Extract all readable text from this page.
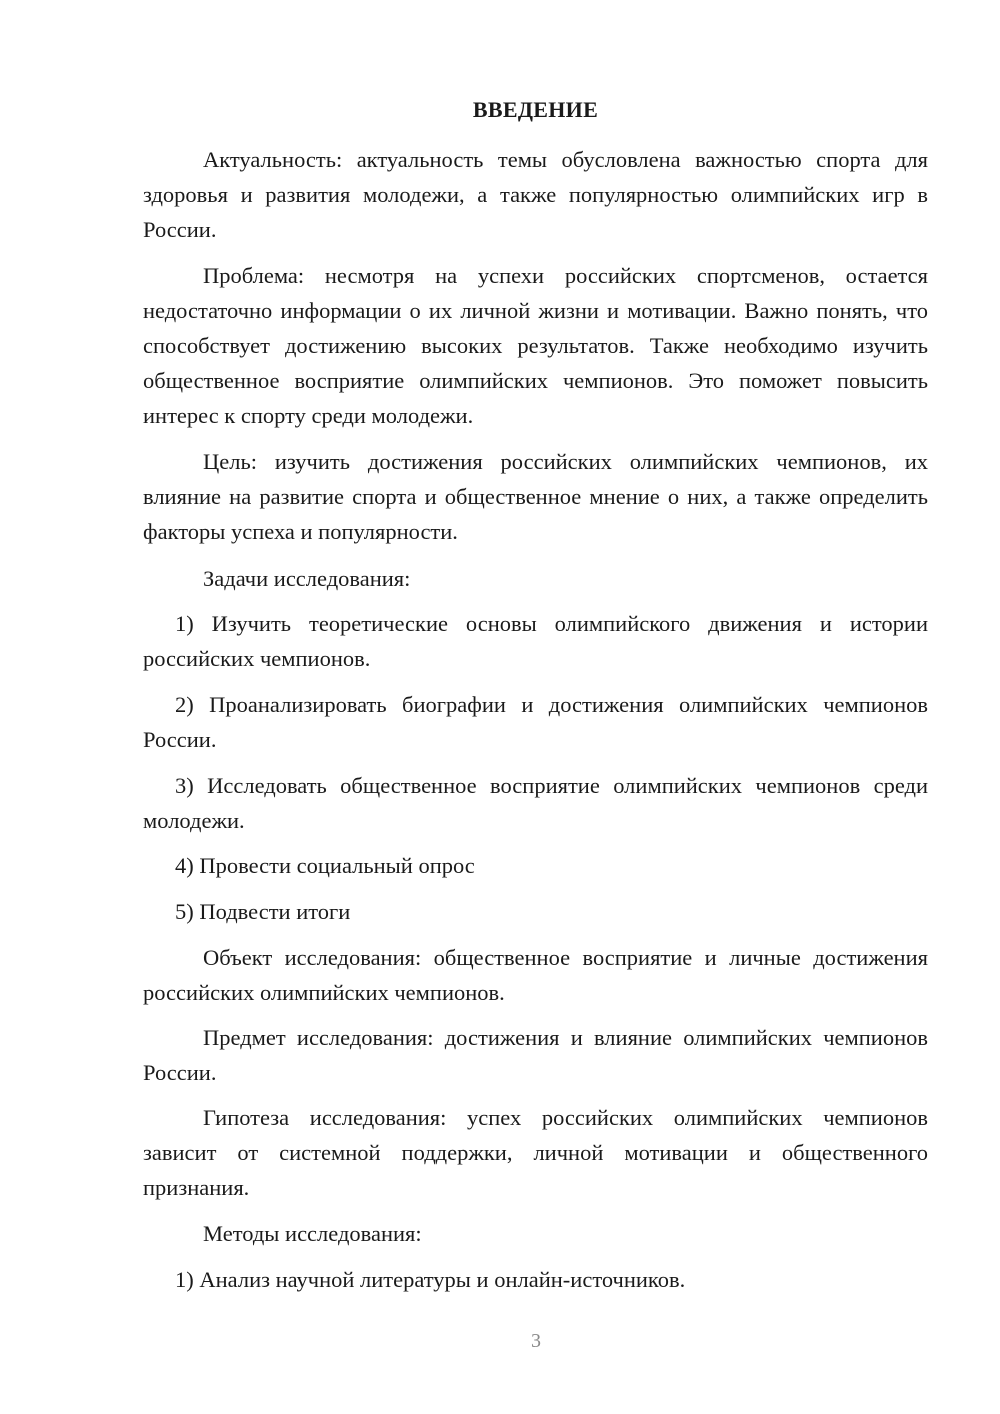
ВВЕДЕНИЕ

Актуальность: актуальность темы обусловлена важностью спорта для здоровья и развития молодежи, а также популярностью олимпийских игр в России.

Проблема: несмотря на успехи российских спортсменов, остается недостаточно информации о их личной жизни и мотивации. Важно понять, что способствует достижению высоких результатов. Также необходимо изучить общественное восприятие олимпийских чемпионов. Это поможет повысить интерес к спорту среди молодежи.

Цель: изучить достижения российских олимпийских чемпионов, их влияние на развитие спорта и общественное мнение о них, а также определить факторы успеха и популярности.

Задачи исследования:

1) Изучить теоретические основы олимпийского движения и истории российских чемпионов.

2) Проанализировать биографии и достижения олимпийских чемпионов России.

3) Исследовать общественное восприятие олимпийских чемпионов среди молодежи.

4) Провести социальный опрос

5) Подвести итоги

Объект исследования: общественное восприятие и личные достижения российских олимпийских чемпионов.

Предмет исследования: достижения и влияние олимпийских чемпионов России.

Гипотеза исследования: успех российских олимпийских чемпионов зависит от системной поддержки, личной мотивации и общественного признания.

Методы исследования:

1) Анализ научной литературы и онлайн-источников.

3
